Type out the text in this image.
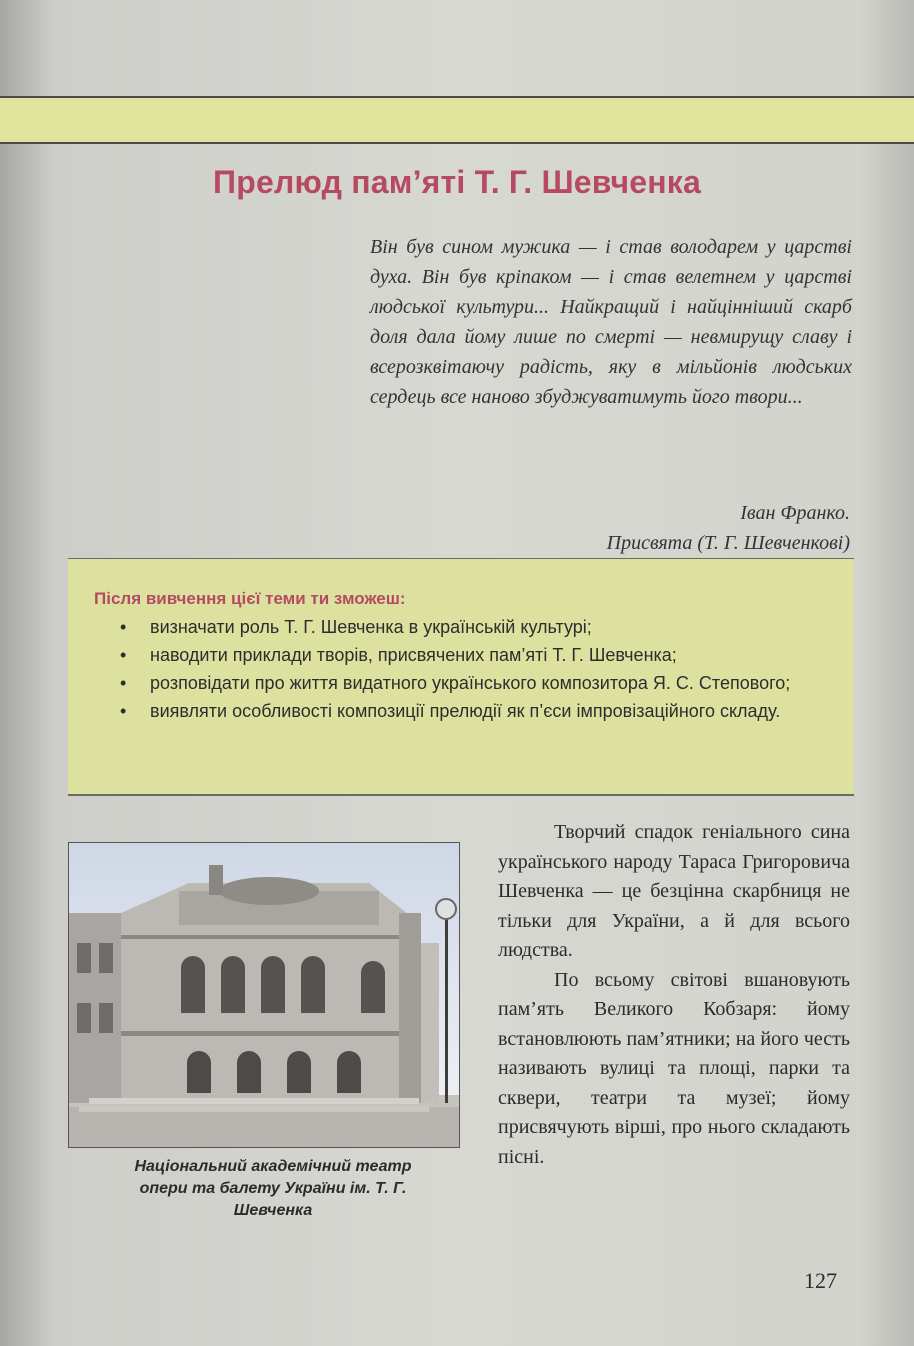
Прелюд пам’яті Т. Г. Шевченка
Він був сином мужика — і став володарем у царстві духа. Він був кріпаком — і став велетнем у царстві людської культури... Найкращий і найцінніший скарб доля дала йому лише по смерті — невмирущу славу і всерозквітаючу радість, яку в мільйонів людських сердець все наново збуджуватимуть його твори...
Іван Франко.
Присвята (Т. Г. Шевченкові)
Після вивчення цієї теми ти зможеш:
• визначати роль Т. Г. Шевченка в українській культурі;
• наводити приклади творів, присвячених пам’яті Т. Г. Шевченка;
• розповідати про життя видатного українського композитора Я. С. Степового;
• виявляти особливості композиції прелюдії як п’єси імпровізаційного складу.
Національний академічний театр опери та балету України ім. Т. Г. Шевченка

Творчий спадок геніального сина українського народу Тараса Григоровича Шевченка — це безцінна скарбниця не тільки для України, а й для всього людства.

По всьому світові вшановують пам’ять Великого Кобзаря: йому встановлюють пам’ятники; на його честь називають вулиці та площі, парки та сквери, театри та музеї; йому присвячують вірші, про нього складають пісні.

127
